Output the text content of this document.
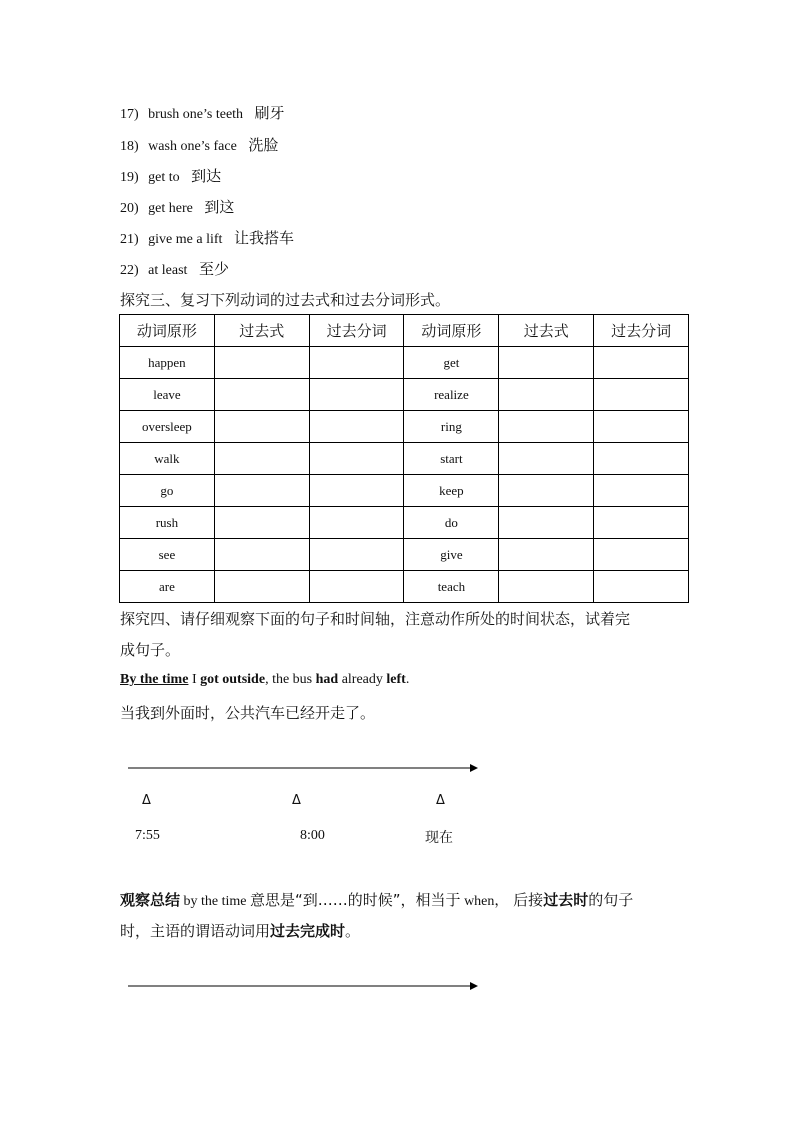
17) brush one’s teeth 刷牙
18) wash one’s face 洗脸
19) get to 到达
20) get here 到这
21) give me a lift 让我搭车
22) at least 至少
探究三、复习下列动词的过去式和过去分词形式。
动词原形	过去式	过去分词	动词原形	过去式	过去分词
happen			get		
leave			realize		
oversleep			ring		
walk			start		
go			keep		
rush			do		
see			give		
are			teach		
探究四、请仔细观察下面的句子和时间轴，注意动作所处的时间状态，试着完
成句子。
By the time I got outside, the bus had already left.
当我到外面时，公共汽车已经开走了。
Δ	Δ	Δ
7:55	8:00	现在
观察总结 by the time 意思是“到……的时候”，相当于 when， 后接过去时的句子
时，主语的谓语动词用过去完成时。
